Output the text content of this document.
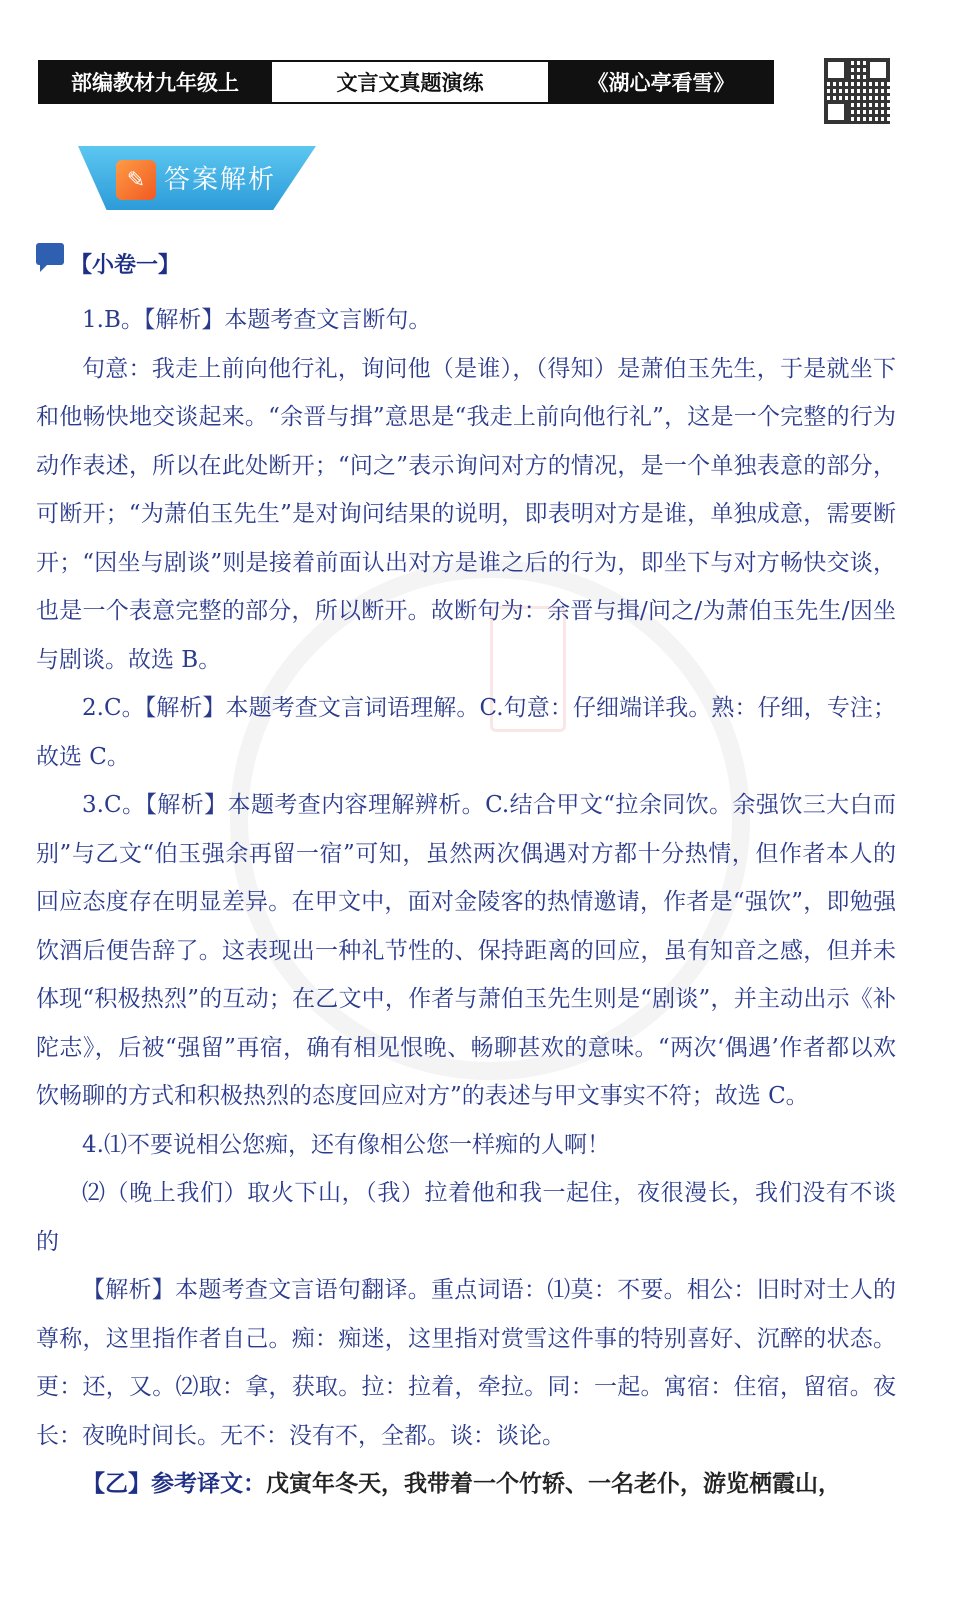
部编教材九年级上	文言文真题演练	《湖心亭看雪》
✎ 答案解析
【小卷一】

1.B。【解析】本题考查文言断句。

句意：我走上前向他行礼，询问他（是谁），（得知）是萧伯玉先生，于是就坐下和他畅快地交谈起来。“余晋与揖”意思是“我走上前向他行礼”，这是一个完整的行为动作表述，所以在此处断开；“问之”表示询问对方的情况，是一个单独表意的部分，可断开；“为萧伯玉先生”是对询问结果的说明，即表明对方是谁，单独成意，需要断开；“因坐与剧谈”则是接着前面认出对方是谁之后的行为，即坐下与对方畅快交谈，也是一个表意完整的部分，所以断开。故断句为：余晋与揖/问之/为萧伯玉先生/因坐与剧谈。故选 B。

2.C。【解析】本题考查文言词语理解。C.句意：仔细端详我。熟：仔细，专注；故选 C。

3.C。【解析】本题考查内容理解辨析。C.结合甲文“拉余同饮。余强饮三大白而别”与乙文“伯玉强余再留一宿”可知，虽然两次偶遇对方都十分热情，但作者本人的回应态度存在明显差异。在甲文中，面对金陵客的热情邀请，作者是“强饮”，即勉强饮酒后便告辞了。这表现出一种礼节性的、保持距离的回应，虽有知音之感，但并未体现“积极热烈”的互动；在乙文中，作者与萧伯玉先生则是“剧谈”，并主动出示《补陀志》，后被“强留”再宿，确有相见恨晚、畅聊甚欢的意味。“两次‘偶遇’作者都以欢饮畅聊的方式和积极热烈的态度回应对方”的表述与甲文事实不符；故选 C。

4.⑴不要说相公您痴，还有像相公您一样痴的人啊！

⑵（晚上我们）取火下山，（我）拉着他和我一起住，夜很漫长，我们没有不谈的

【解析】本题考查文言语句翻译。重点词语：⑴莫：不要。相公：旧时对士人的尊称，这里指作者自己。痴：痴迷，这里指对赏雪这件事的特别喜好、沉醉的状态。更：还，又。⑵取：拿，获取。拉：拉着，牵拉。同：一起。寓宿：住宿，留宿。夜长：夜晚时间长。无不：没有不，全都。谈：谈论。

【乙】参考译文：戊寅年冬天，我带着一个竹轿、一名老仆，游览栖霞山，
